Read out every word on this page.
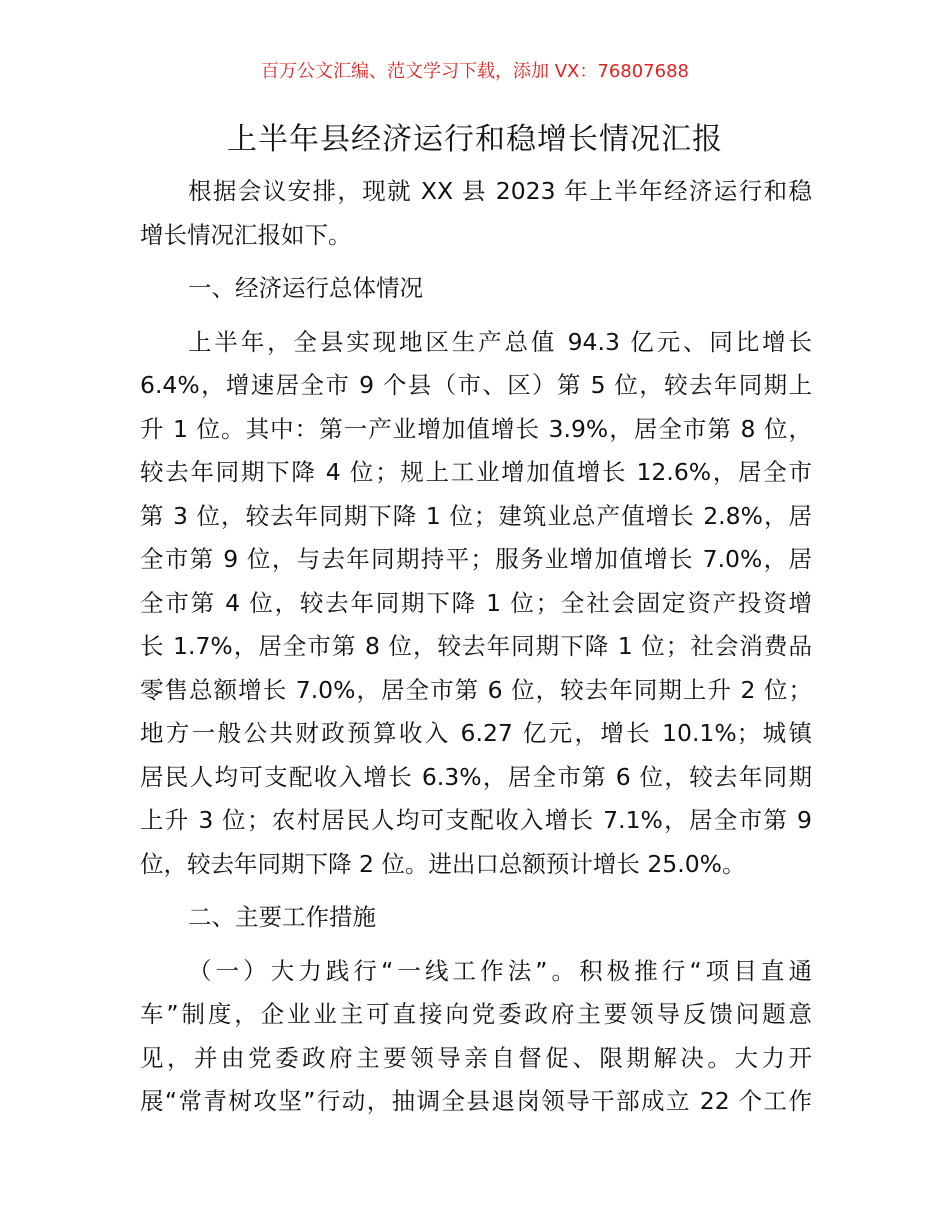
百万公文汇编、范文学习下载，添加 VX：76807688
上半年县经济运行和稳增长情况汇报
根据会议安排，现就 XX 县 2023 年上半年经济运行和稳
增长情况汇报如下。
一、经济运行总体情况
上半年，全县实现地区生产总值 94.3 亿元、同比增长
6.4%，增速居全市 9 个县（市、区）第 5 位，较去年同期上
升 1 位。其中：第一产业增加值增长 3.9%，居全市第 8 位，
较去年同期下降 4 位；规上工业增加值增长 12.6%，居全市
第 3 位，较去年同期下降 1 位；建筑业总产值增长 2.8%，居
全市第 9 位，与去年同期持平；服务业增加值增长 7.0%，居
全市第 4 位，较去年同期下降 1 位；全社会固定资产投资增
长 1.7%，居全市第 8 位，较去年同期下降 1 位；社会消费品
零售总额增长 7.0%，居全市第 6 位，较去年同期上升 2 位；
地方一般公共财政预算收入 6.27 亿元，增长 10.1%；城镇
居民人均可支配收入增长 6.3%，居全市第 6 位，较去年同期
上升 3 位；农村居民人均可支配收入增长 7.1%，居全市第 9
位，较去年同期下降 2 位。进出口总额预计增长 25.0%。
二、主要工作措施
（一）大力践行“一线工作法”。积极推行“项目直通
车”制度，企业业主可直接向党委政府主要领导反馈问题意
见，并由党委政府主要领导亲自督促、限期解决。大力开
展“常青树攻坚”行动，抽调全县退岗领导干部成立 22 个工作
